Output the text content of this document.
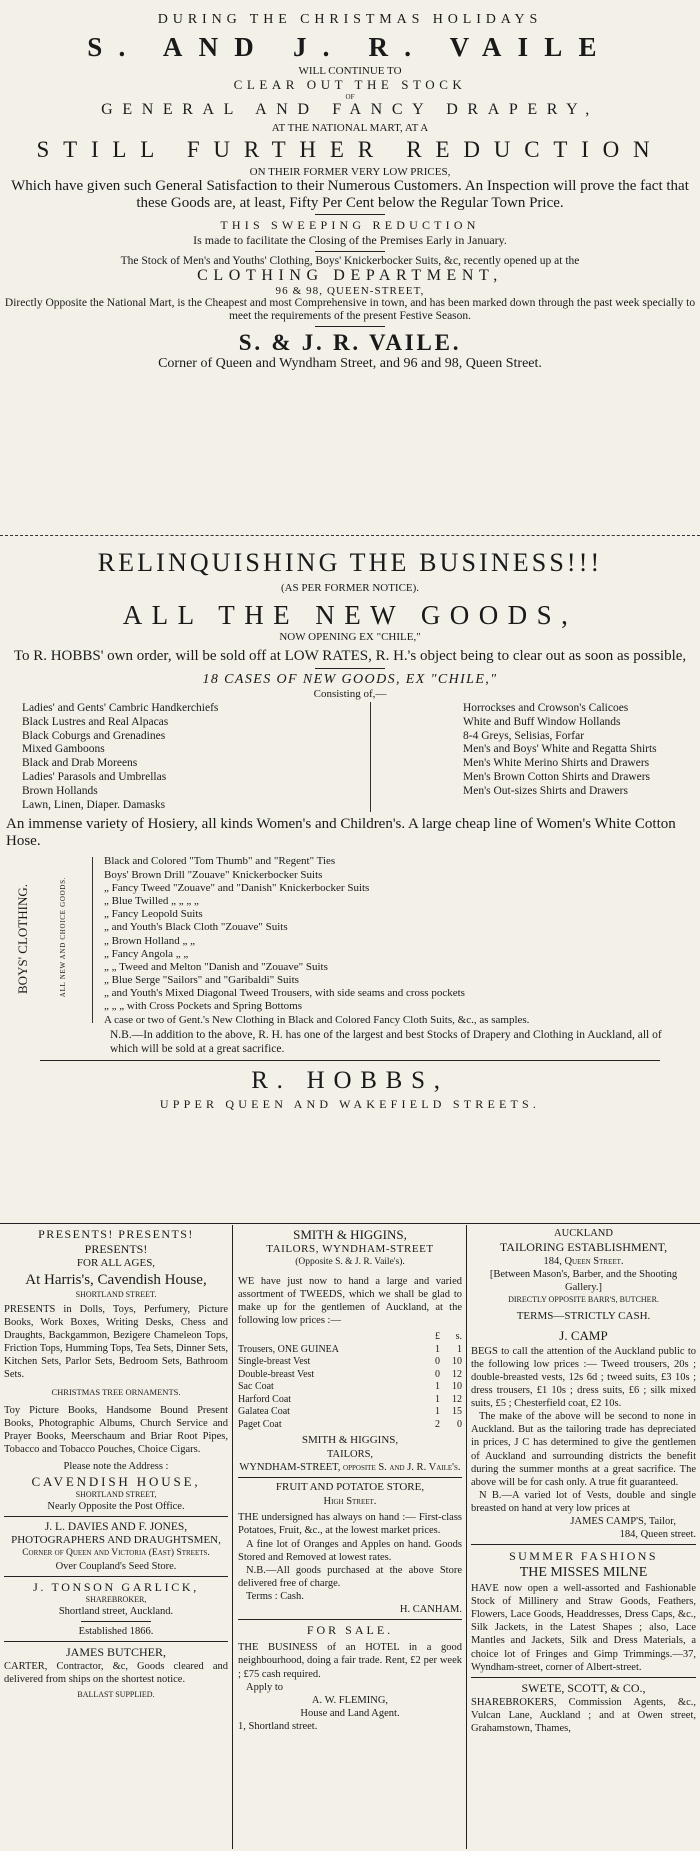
DURING THE CHRISTMAS HOLIDAYS
S. AND J. R. VAILE
WILL CONTINUE TO
CLEAR OUT THE STOCK
OF
GENERAL AND FANCY DRAPERY,
AT THE NATIONAL MART, AT A
STILL FURTHER REDUCTION
ON THEIR FORMER VERY LOW PRICES,
Which have given such General Satisfaction to their Numerous Customers. An Inspection will prove the fact that these Goods are, at least, Fifty Per Cent below the Regular Town Price.
THIS SWEEPING REDUCTION
Is made to facilitate the Closing of the Premises Early in January.
The Stock of Men's and Youths' Clothing, Boys' Knickerbocker Suits, &c, recently opened up at the
CLOTHING DEPARTMENT,
96 & 98, QUEEN-STREET,
Directly Opposite the National Mart, is the Cheapest and most Comprehensive in town, and has been marked down through the past week specially to meet the requirements of the present Festive Season.
S. & J. R. VAILE.
Corner of Queen and Wyndham Street, and 96 and 98, Queen Street.
RELINQUISHING THE BUSINESS!!!
(AS PER FORMER NOTICE).
ALL THE NEW GOODS,
NOW OPENING EX "CHILE,"
To R. HOBBS' own order, will be sold off at LOW RATES, R. H.'s object being to clear out as soon as possible,
18 CASES OF NEW GOODS, EX "CHILE,"
Consisting of,—
Ladies' and Gents' Cambric Handkerchiefs
Black Lustres and Real Alpacas
Black Coburgs and Grenadines
Mixed Gamboons
Black and Drab Moreens
Ladies' Parasols and Umbrellas
Brown Hollands
Lawn, Linen, Diaper. Damasks
Horrockses and Crowson's Calicoes
White and Buff Window Hollands
8-4 Greys, Selisias, Forfar
Men's and Boys' White and Regatta Shirts
Men's White Merino Shirts and Drawers
Men's Brown Cotton Shirts and Drawers
Men's Out-sizes Shirts and Drawers
An immense variety of Hosiery, all kinds Women's and Children's. A large cheap line of Women's White Cotton Hose.
BOYS' CLOTHING.	ALL NEW AND CHOICE GOODS.
Black and Colored "Tom Thumb" and "Regent" Ties
Boys' Brown Drill "Zouave" Knickerbocker Suits
„ Fancy Tweed "Zouave" and "Danish" Knickerbocker Suits
„ Blue Twilled „ „ „ „
„ Fancy Leopold Suits
„ and Youth's Black Cloth "Zouave" Suits
„ Brown Holland „ „
„ Fancy Angola „ „
„ „ Tweed and Melton "Danish and "Zouave" Suits
„ Blue Serge "Sailors" and "Garibaldi" Suits
„ and Youth's Mixed Diagonal Tweed Trousers, with side seams and cross pockets
„ „ „ with Cross Pockets and Spring Bottoms
A case or two of Gent.'s New Clothing in Black and Colored Fancy Cloth Suits, &c., as samples.
N.B.—In addition to the above, R. H. has one of the largest and best Stocks of Drapery and Clothing in Auckland, all of which will be sold at a great sacrifice.
R. HOBBS,
UPPER QUEEN AND WAKEFIELD STREETS.

PRESENTS! PRESENTS!

PRESENTS!

FOR ALL AGES,

At Harris's, Cavendish House,

SHORTLAND STREET.

PRESENTS in Dolls, Toys, Perfumery, Picture Books, Work Boxes, Writing Desks, Chess and Draughts, Backgammon, Bezigere Chameleon Tops, Friction Tops, Humming Tops, Tea Sets, Dinner Sets, Kitchen Sets, Parlor Sets, Bedroom Sets, Bathroom Sets.

CHRISTMAS TREE ORNAMENTS.

Toy Picture Books, Handsome Bound Present Books, Photographic Albums, Church Service and Prayer Books, Meerschaum and Briar Root Pipes, Tobacco and Tobacco Pouches, Choice Cigars.

Please note the Address :

CAVENDISH HOUSE,

SHORTLAND STREET,

Nearly Opposite the Post Office.

J. L. DAVIES AND F. JONES,

PHOTOGRAPHERS AND DRAUGHTSMEN,

Corner of Queen and Victoria (East) Streets.

Over Coupland's Seed Store.

J. TONSON GARLICK,

SHAREBROKER,

Shortland street, Auckland.

Established 1866.

JAMES BUTCHER,

CARTER, Contractor, &c, Goods cleared and delivered from ships on the shortest notice.

BALLAST SUPPLIED.

SMITH & HIGGINS,

TAILORS, WYNDHAM-STREET

(Opposite S. & J. R. Vaile's).

WE have just now to hand a large and varied assortment of TWEEDS, which we shall be glad to make up for the gentlemen of Auckland, at the following low prices :—

	£	s.
Trousers, ONE GUINEA	1	1
Single-breast Vest	0	10
Double-breast Vest	0	12
Sac Coat	1	10
Harford Coat	1	12
Galatea Coat	1	15
Paget Coat	2	0

SMITH & HIGGINS,

TAILORS,

WYNDHAM-STREET, opposite S. and J. R. Vaile's.

FRUIT AND POTATOE STORE,

High Street.

THE undersigned has always on hand :— First-class Potatoes, Fruit, &c., at the lowest market prices.

A fine lot of Oranges and Apples on hand. Goods Stored and Removed at lowest rates.

N.B.—All goods purchased at the above Store delivered free of charge.

Terms : Cash.

H. CANHAM.

FOR SALE.

THE BUSINESS of an HOTEL in a good neighbourhood, doing a fair trade. Rent, £2 per week ; £75 cash required.

Apply to

A. W. FLEMING,

House and Land Agent.

1, Shortland street.

AUCKLAND

TAILORING ESTABLISHMENT,

184, Queen Street.

[Between Mason's, Barber, and the Shooting Gallery.]

DIRECTLY OPPOSITE BARR'S, BUTCHER.

TERMS—STRICTLY CASH.

J. CAMP

BEGS to call the attention of the Auckland public to the following low prices :— Tweed trousers, 20s ; double-breasted vests, 12s 6d ; tweed suits, £3 10s ; dress trousers, £1 10s ; dress suits, £6 ; silk mixed suits, £5 ; Chesterfield coat, £2 10s.

The make of the above will be second to none in Auckland. But as the tailoring trade has depreciated in prices, J C has determined to give the gentlemen of Auckland and surrounding districts the benefit during the summer months at a great sacrifice. The above will be for cash only. A true fit guaranteed.

N B.—A varied lot of Vests, double and single breasted on hand at very low prices at

JAMES CAMP'S, Tailor,

184, Queen street.

SUMMER FASHIONS

THE MISSES MILNE

HAVE now open a well-assorted and Fashionable Stock of Millinery and Straw Goods, Feathers, Flowers, Lace Goods, Headdresses, Dress Caps, &c., Silk Jackets, in the Latest Shapes ; also, Lace Mantles and Jackets, Silk and Dress Materials, a choice lot of Fringes and Gimp Trimmings.—37, Wyndham-street, corner of Albert-street.

SWETE, SCOTT, & CO.,

SHAREBROKERS, Commission Agents, &c., Vulcan Lane, Auckland ; and at Owen street, Grahamstown, Thames,
